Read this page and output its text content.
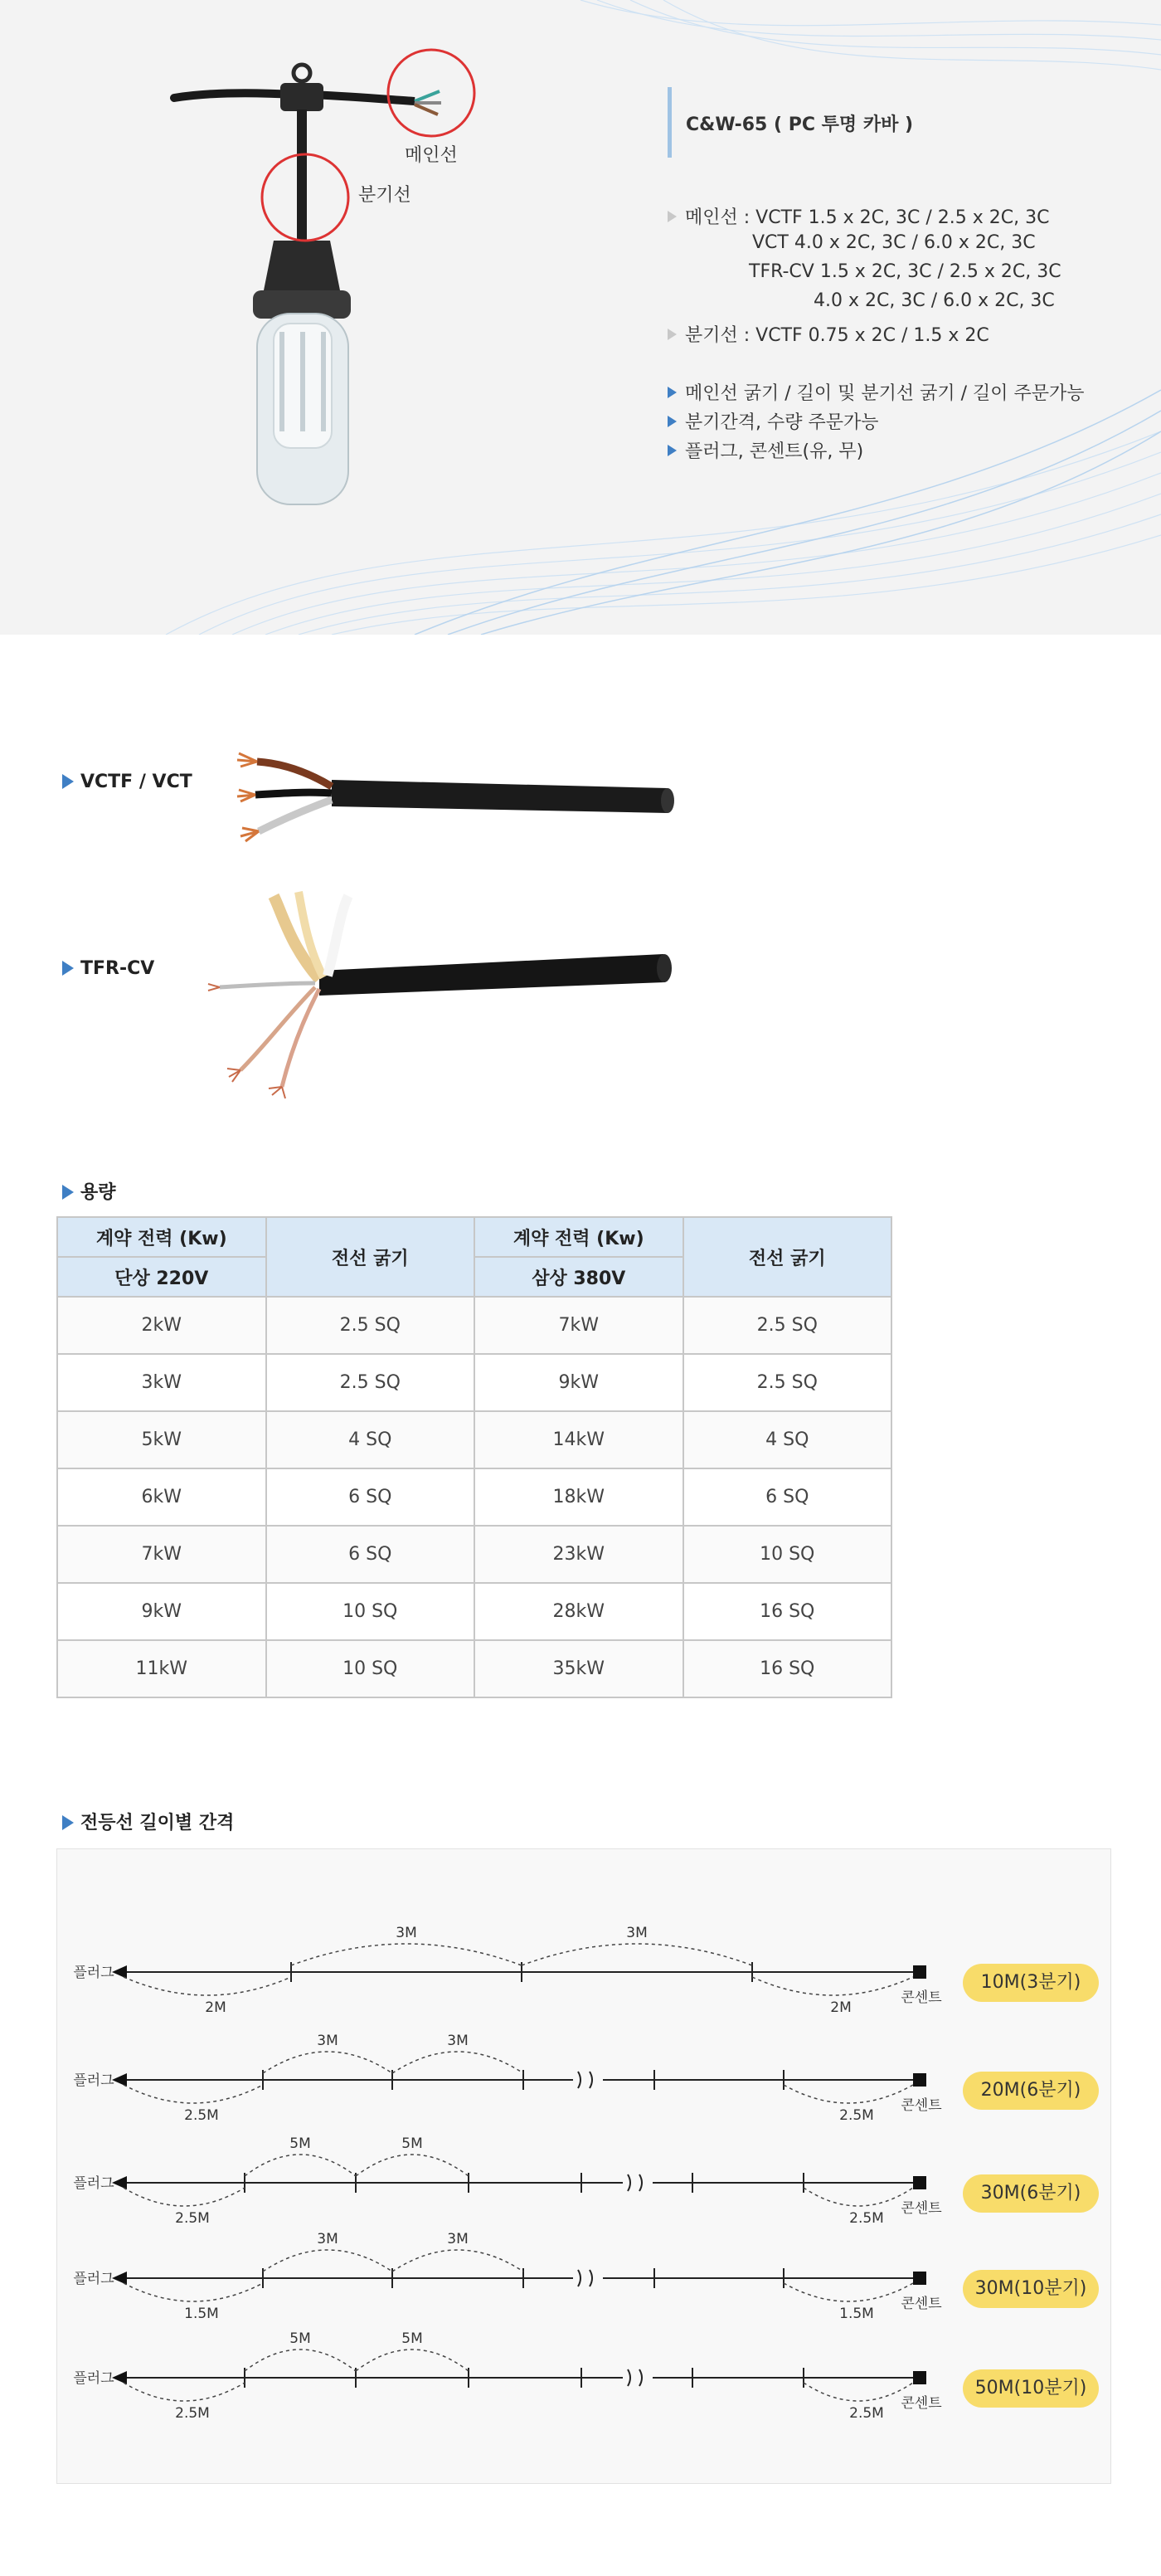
메인선
분기선
C&W-65 ( PC 투명 카바 )
메인선 : VCTF 1.5 x 2C, 3C / 2.5 x 2C, 3C
VCT 4.0 x 2C, 3C / 6.0 x 2C, 3C
TFR-CV 1.5 x 2C, 3C / 2.5 x 2C, 3C
4.0 x 2C, 3C / 6.0 x 2C, 3C
분기선 : VCTF 0.75 x 2C / 1.5 x 2C
메인선 굵기 / 길이 및 분기선 굵기 / 길이 주문가능
분기간격, 수량 주문가능
플러그, 콘센트(유, 무)
VCTF / VCT
TFR-CV
용량
계약 전력 (Kw)	전선 굵기	계약 전력 (Kw)	전선 굵기
단상 220V		삼상 380V	
2kW	2.5 SQ	7kW	2.5 SQ
3kW	2.5 SQ	9kW	2.5 SQ
5kW	4 SQ	14kW	4 SQ
6kW	6 SQ	18kW	6 SQ
7kW	6 SQ	23kW	10 SQ
9kW	10 SQ	28kW	16 SQ
11kW	10 SQ	35kW	16 SQ
전등선 길이별 간격
3M	3M
2M	2M
플러그
콘센트
3M	3M
2.5M	2.5M
플러그
콘센트
5M	5M
2.5M	2.5M
플러그
콘센트
3M	3M
1.5M	1.5M
플러그
콘센트
5M	5M
2.5M	2.5M
플러그
콘센트
10M(3분기)
20M(6분기)
30M(6분기)
30M(10분기)
50M(10분기)
